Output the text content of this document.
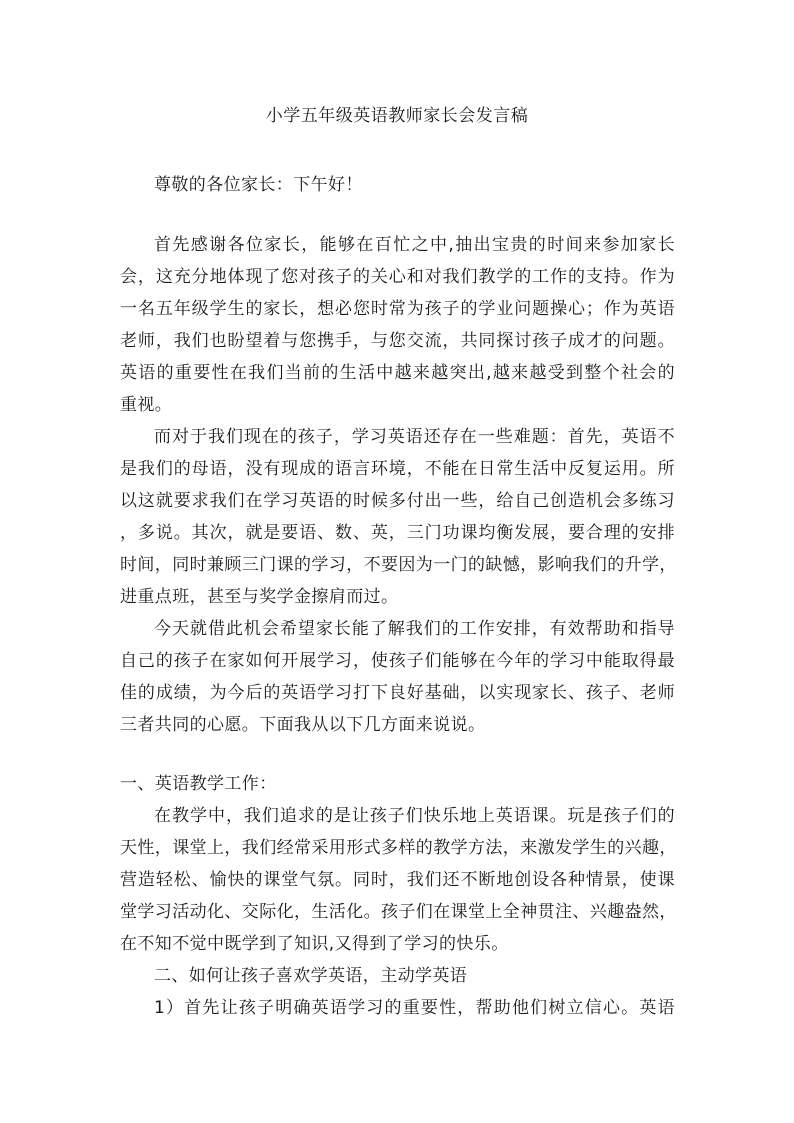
小学五年级英语教师家长会发言稿
尊敬的各位家长：下午好！
首先感谢各位家长，能够在百忙之中,抽出宝贵的时间来参加家长
会，这充分地体现了您对孩子的关心和对我们教学的工作的支持。作为
一名五年级学生的家长，想必您时常为孩子的学业问题操心；作为英语
老师，我们也盼望着与您携手，与您交流，共同探讨孩子成才的问题。
英语的重要性在我们当前的生活中越来越突出,越来越受到整个社会的
重视。
而对于我们现在的孩子，学习英语还存在一些难题：首先，英语不
是我们的母语，没有现成的语言环境，不能在日常生活中反复运用。所
以这就要求我们在学习英语的时候多付出一些，给自己创造机会多练习
，多说。其次，就是要语、数、英，三门功课均衡发展，要合理的安排
时间，同时兼顾三门课的学习，不要因为一门的缺憾，影响我们的升学，
进重点班，甚至与奖学金擦肩而过。
今天就借此机会希望家长能了解我们的工作安排，有效帮助和指导
自己的孩子在家如何开展学习，使孩子们能够在今年的学习中能取得最
佳的成绩，为今后的英语学习打下良好基础，以实现家长、孩子、老师
三者共同的心愿。下面我从以下几方面来说说。
一、英语教学工作：
在教学中，我们追求的是让孩子们快乐地上英语课。玩是孩子们的
天性，课堂上，我们经常采用形式多样的教学方法，来激发学生的兴趣，
营造轻松、愉快的课堂气氛。同时，我们还不断地创设各种情景，使课
堂学习活动化、交际化，生活化。孩子们在课堂上全神贯注、兴趣盎然，
在不知不觉中既学到了知识,又得到了学习的快乐。
二、如何让孩子喜欢学英语，主动学英语
1）首先让孩子明确英语学习的重要性，帮助他们树立信心。英语
